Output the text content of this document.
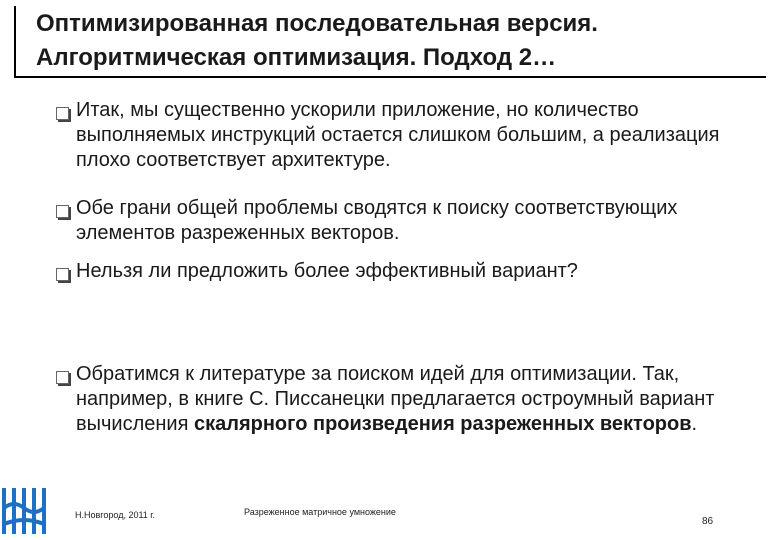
Оптимизированная последовательная версия.
Алгоритмическая оптимизация. Подход 2…
Итак, мы существенно ускорили приложение, но количество выполняемых инструкций остается слишком большим, а реализация плохо соответствует архитектуре.
Обе грани общей проблемы сводятся к поиску соответствующих элементов разреженных векторов.
Нельзя ли предложить более эффективный вариант?
Обратимся к литературе за поиском идей для оптимизации. Так, например, в книге С. Писсанецки предлагается остроумный вариант вычисления скалярного произведения разреженных векторов.
Н.Новгород, 2011 г.	Разреженное матричное умножение
86
